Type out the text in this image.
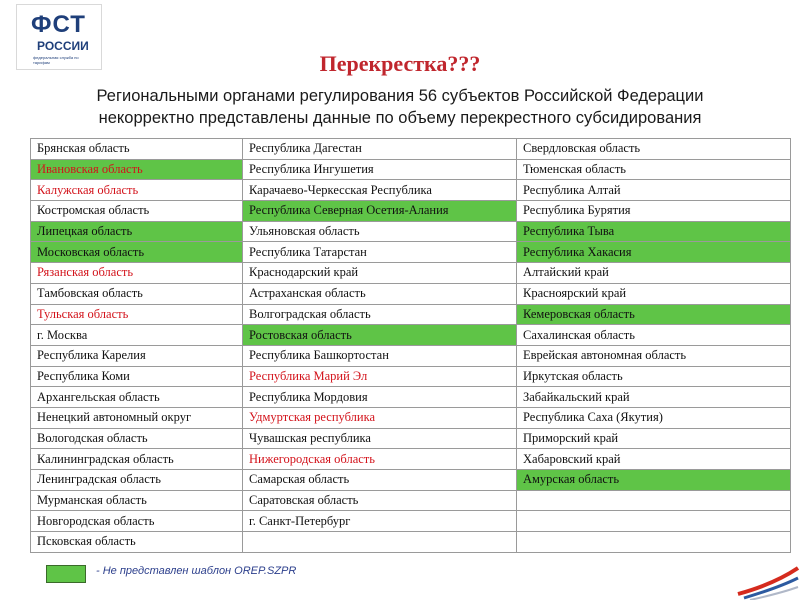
ФСТ
РОССИИ
федеральная служба по тарифам	Перекрестка???
Региональными органами регулирования 56 субъектов Российской Федерации
некорректно представлены данные по объему перекрестного субсидирования
Брянская область	Республика Дагестан	Свердловская область
Ивановская область	Республика Ингушетия	Тюменская область
Калужская область	Карачаево-Черкесская Республика	Республика Алтай
Костромская область	Республика Северная Осетия-Алания	Республика Бурятия
Липецкая область	Ульяновская область	Республика Тыва
Московская область	Республика Татарстан	Республика Хакасия
Рязанская область	Краснодарский край	Алтайский край
Тамбовская область	Астраханская область	Красноярский край
Тульская область	Волгоградская область	Кемеровская область
г. Москва	Ростовская область	Сахалинская область
Республика Карелия	Республика Башкортостан	Еврейская автономная область
Республика Коми	Республика Марий Эл	Иркутская область
Архангельская область	Республика Мордовия	Забайкальский край
Ненецкий автономный округ	Удмуртская республика	Республика Саха (Якутия)
Вологодская область	Чувашская республика	Приморский край
Калининградская область	Нижегородская область	Хабаровский край
Ленинградская область	Самарская область	Амурская область
Мурманская область	Саратовская область	
Новгородская область	г. Санкт-Петербург	
Псковская область		
- Не представлен шаблон OREP.SZPR
